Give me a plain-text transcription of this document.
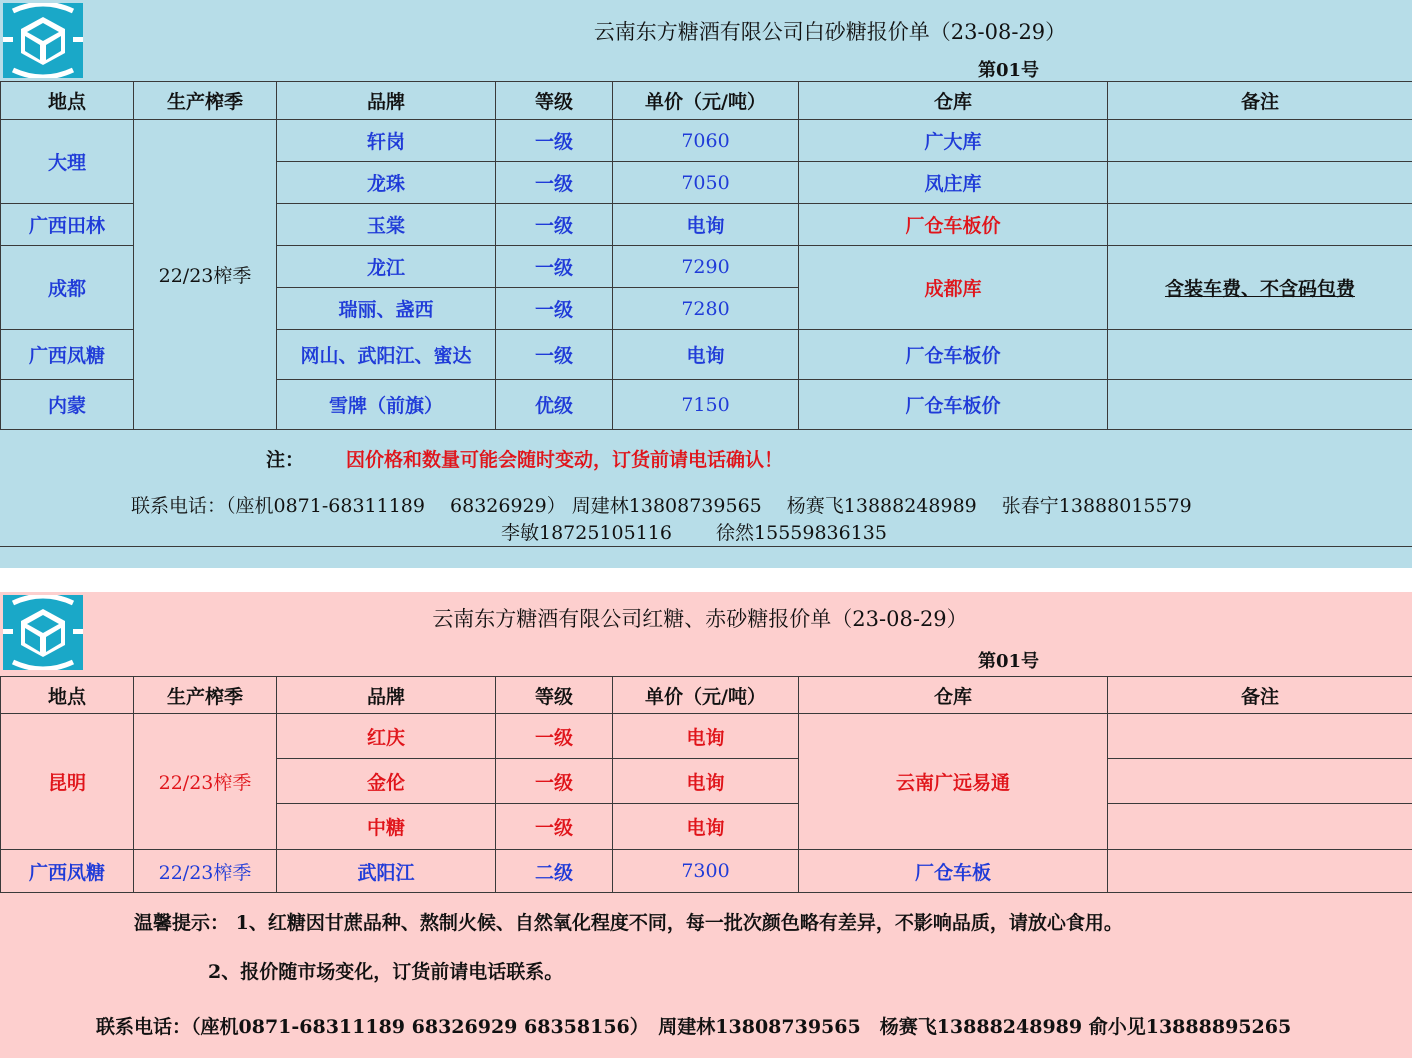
云南东方糖酒有限公司白砂糖报价单（23-08-29）
第01号
地点	生产榨季	品牌	等级	单价（元/吨）	仓库	备注
大理	22/23榨季	轩岗	一级	7060	广大库	
		龙珠	一级	7050	凤庄库	
广西田林		玉棠	一级	电询	厂仓车板价	
成都		龙江	一级	7290	成都库	含装车费、不含码包费
		瑞丽、盏西	一级	7280		
广西凤糖		网山、武阳江、蜜达	一级	电询	厂仓车板价	
内蒙		雪牌（前旗）	优级	7150	厂仓车板价	
注： 因价格和数量可能会随时变动，订货前请电话确认！
联系电话：（座机0871-68311189　 68326929） 周建林13808739565　 杨赛飞13888248989　 张春宁13888015579
李敏18725105116　　 徐然15559836135
云南东方糖酒有限公司红糖、赤砂糖报价单（23-08-29）
第01号
地点	生产榨季	品牌	等级	单价（元/吨）	仓库	备注
昆明	22/23榨季	红庆	一级	电询	云南广远易通	
		金伦	一级	电询		
		中糖	一级	电询		
广西凤糖	22/23榨季	武阳江	二级	7300	厂仓车板	
温馨提示： 1、红糖因甘蔗品种、熬制火候、自然氧化程度不同，每一批次颜色略有差异，不影响品质，请放心食用。
2、报价随市场变化，订货前请电话联系。
联系电话：（座机0871-68311189 68326929 68358156）　周建林13808739565　杨赛飞13888248989 俞小见13888895265
